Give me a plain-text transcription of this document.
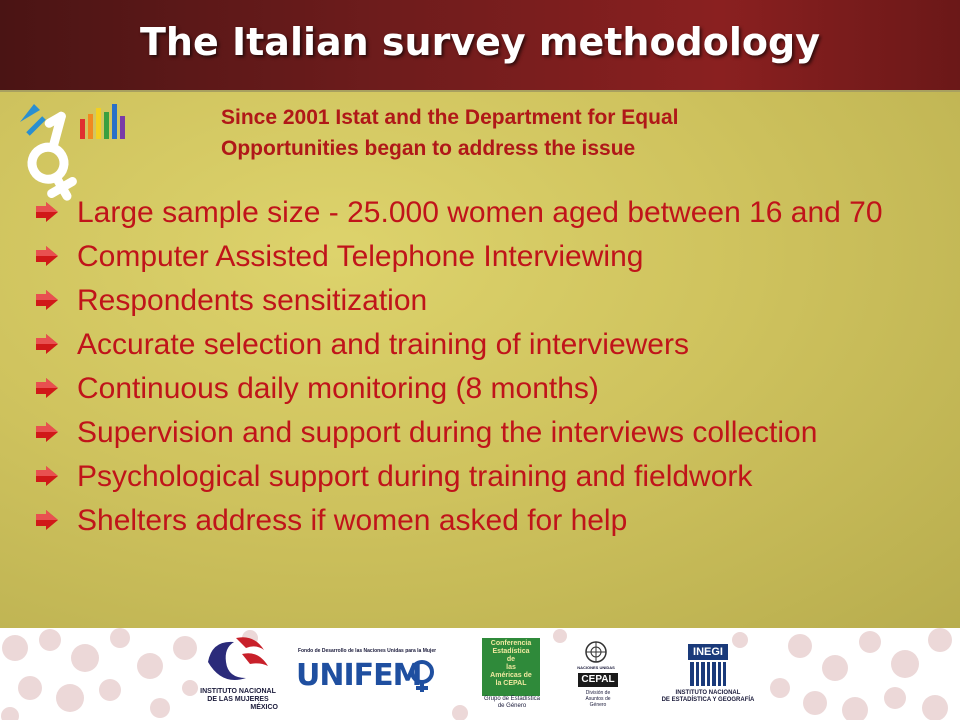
The Italian survey methodology
Since 2001 Istat and the Department for Equal
Opportunities began to address the issue
Large sample size - 25.000 women aged between 16 and 70
Computer Assisted Telephone Interviewing
Respondents sensitization
Accurate selection and training of interviewers
Continuous daily monitoring (8 months)
Supervision and support during the interviews collection
Psychological support during training and fieldwork
Shelters address if women asked for help
INSTITUTO NACIONAL
DE LAS MUJERES
MÉXICO
Fondo de Desarrollo de las Naciones Unidas para la Mujer
UNIFEM
Conferencia
Estadística
de
las
Américas de
la CEPAL
Grupo de Estadística
de Género
NACIONES UNIDAS
CEPAL
División de
Asuntos de
Género
INEGI
INSTITUTO NACIONAL
DE ESTADÍSTICA Y GEOGRAFÍA
